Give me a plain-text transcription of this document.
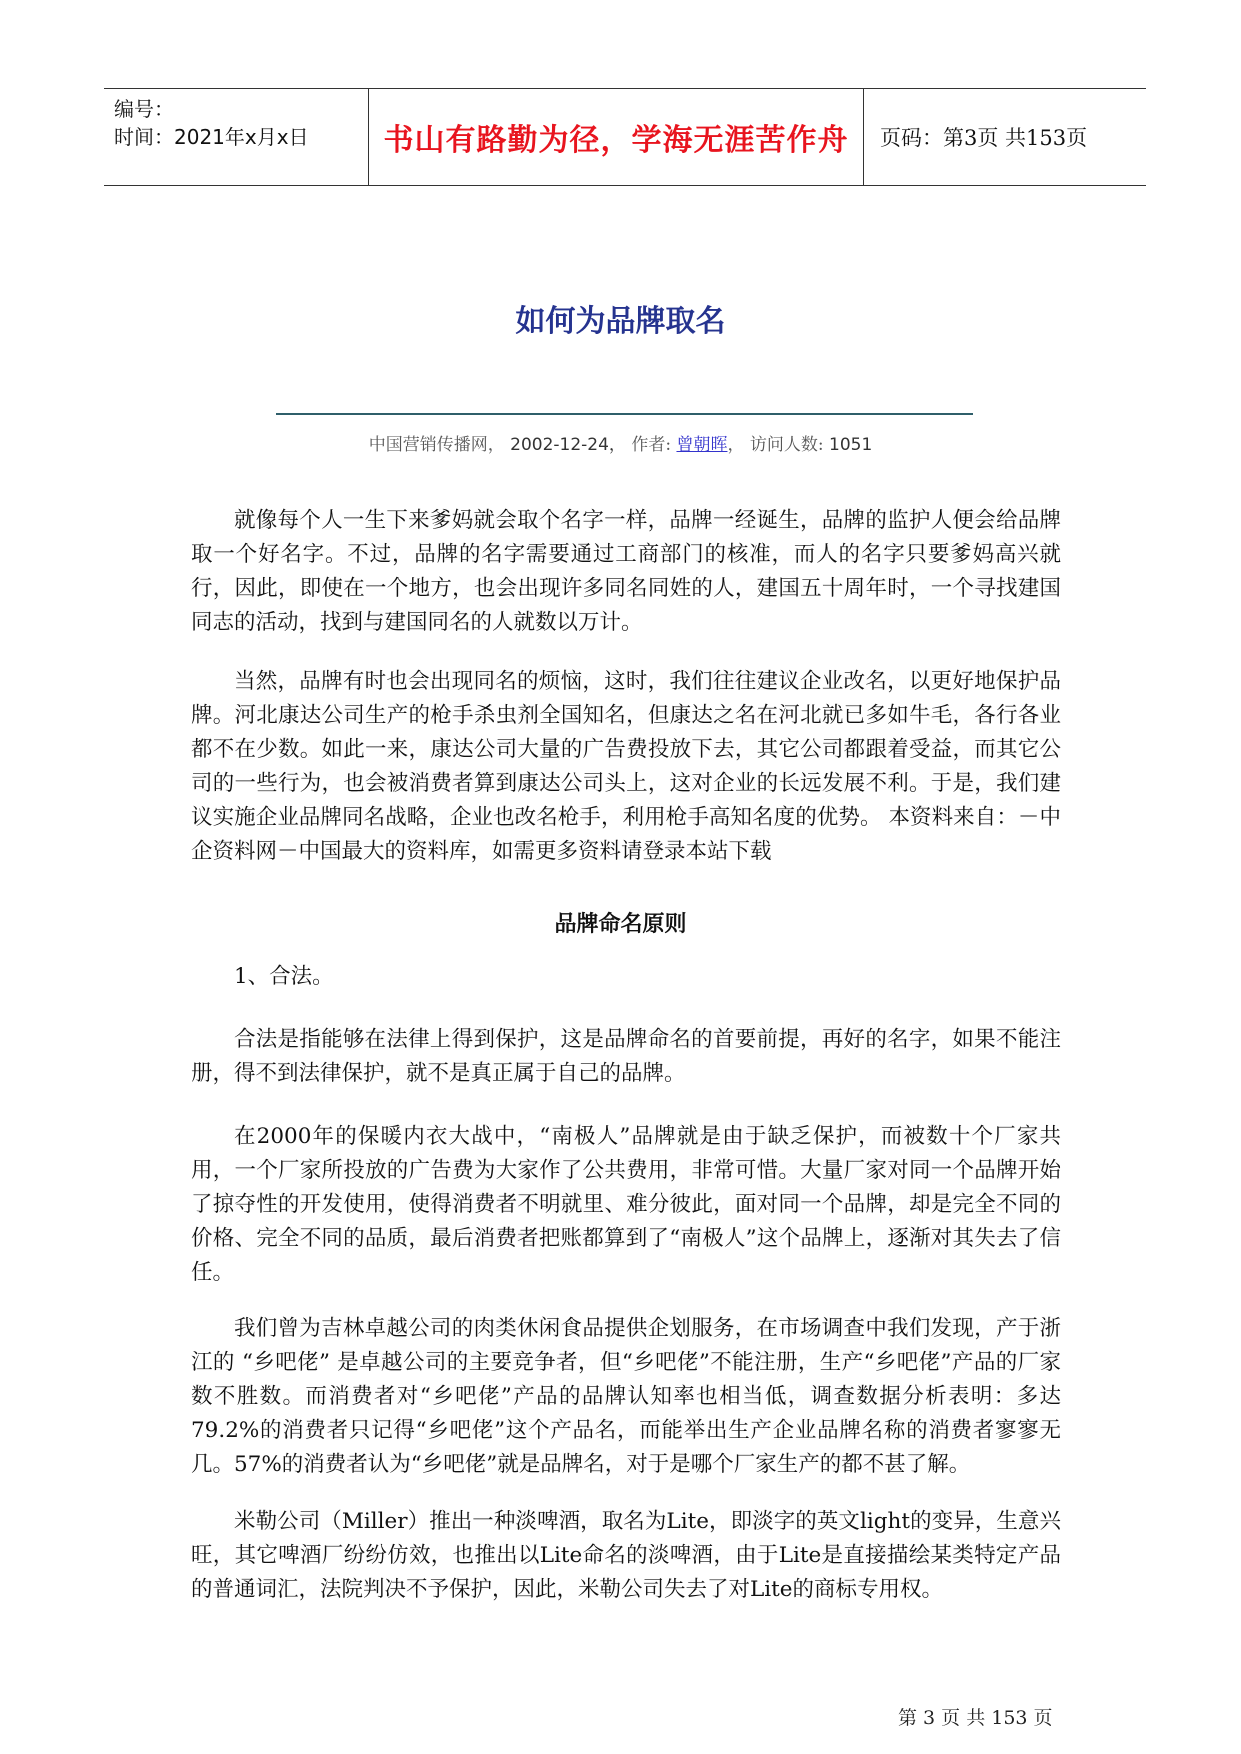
编号：
时间：2021年x月x日	书山有路勤为径，学海无涯苦作舟	页码：第3页 共153页
如何为品牌取名
中国营销传播网， 2002-12-24， 作者: 曾朝晖， 访问人数: 1051

就像每个人一生下来爹妈就会取个名字一样，品牌一经诞生，品牌的监护人便会给品牌取一个好名字。不过，品牌的名字需要通过工商部门的核准，而人的名字只要爹妈高兴就行，因此，即使在一个地方，也会出现许多同名同姓的人，建国五十周年时，一个寻找建国同志的活动，找到与建国同名的人就数以万计。

当然，品牌有时也会出现同名的烦恼，这时，我们往往建议企业改名，以更好地保护品牌。河北康达公司生产的枪手杀虫剂全国知名，但康达之名在河北就已多如牛毛，各行各业都不在少数。如此一来，康达公司大量的广告费投放下去，其它公司都跟着受益，而其它公司的一些行为，也会被消费者算到康达公司头上，这对企业的长远发展不利。于是，我们建议实施企业品牌同名战略，企业也改名枪手，利用枪手高知名度的优势。 本资料来自：－中企资料网－中国最大的资料库，如需更多资料请登录本站下载

品牌命名原则

1、合法。

合法是指能够在法律上得到保护，这是品牌命名的首要前提，再好的名字，如果不能注册，得不到法律保护，就不是真正属于自己的品牌。

在2000年的保暖内衣大战中，“南极人”品牌就是由于缺乏保护，而被数十个厂家共用，一个厂家所投放的广告费为大家作了公共费用，非常可惜。大量厂家对同一个品牌开始了掠夺性的开发使用，使得消费者不明就里、难分彼此，面对同一个品牌，却是完全不同的价格、完全不同的品质，最后消费者把账都算到了“南极人”这个品牌上，逐渐对其失去了信任。

我们曾为吉林卓越公司的肉类休闲食品提供企划服务，在市场调查中我们发现，产于浙江的 “乡吧佬” 是卓越公司的主要竞争者，但“乡吧佬”不能注册，生产“乡吧佬”产品的厂家数不胜数。而消费者对“乡吧佬”产品的品牌认知率也相当低，调查数据分析表明：多达79.2%的消费者只记得“乡吧佬”这个产品名，而能举出生产企业品牌名称的消费者寥寥无几。57%的消费者认为“乡吧佬”就是品牌名，对于是哪个厂家生产的都不甚了解。

米勒公司（Miller）推出一种淡啤酒，取名为Lite，即淡字的英文light的变异，生意兴旺，其它啤酒厂纷纷仿效，也推出以Lite命名的淡啤酒，由于Lite是直接描绘某类特定产品的普通词汇，法院判决不予保护，因此，米勒公司失去了对Lite的商标专用权。

第 3 页 共 153 页
